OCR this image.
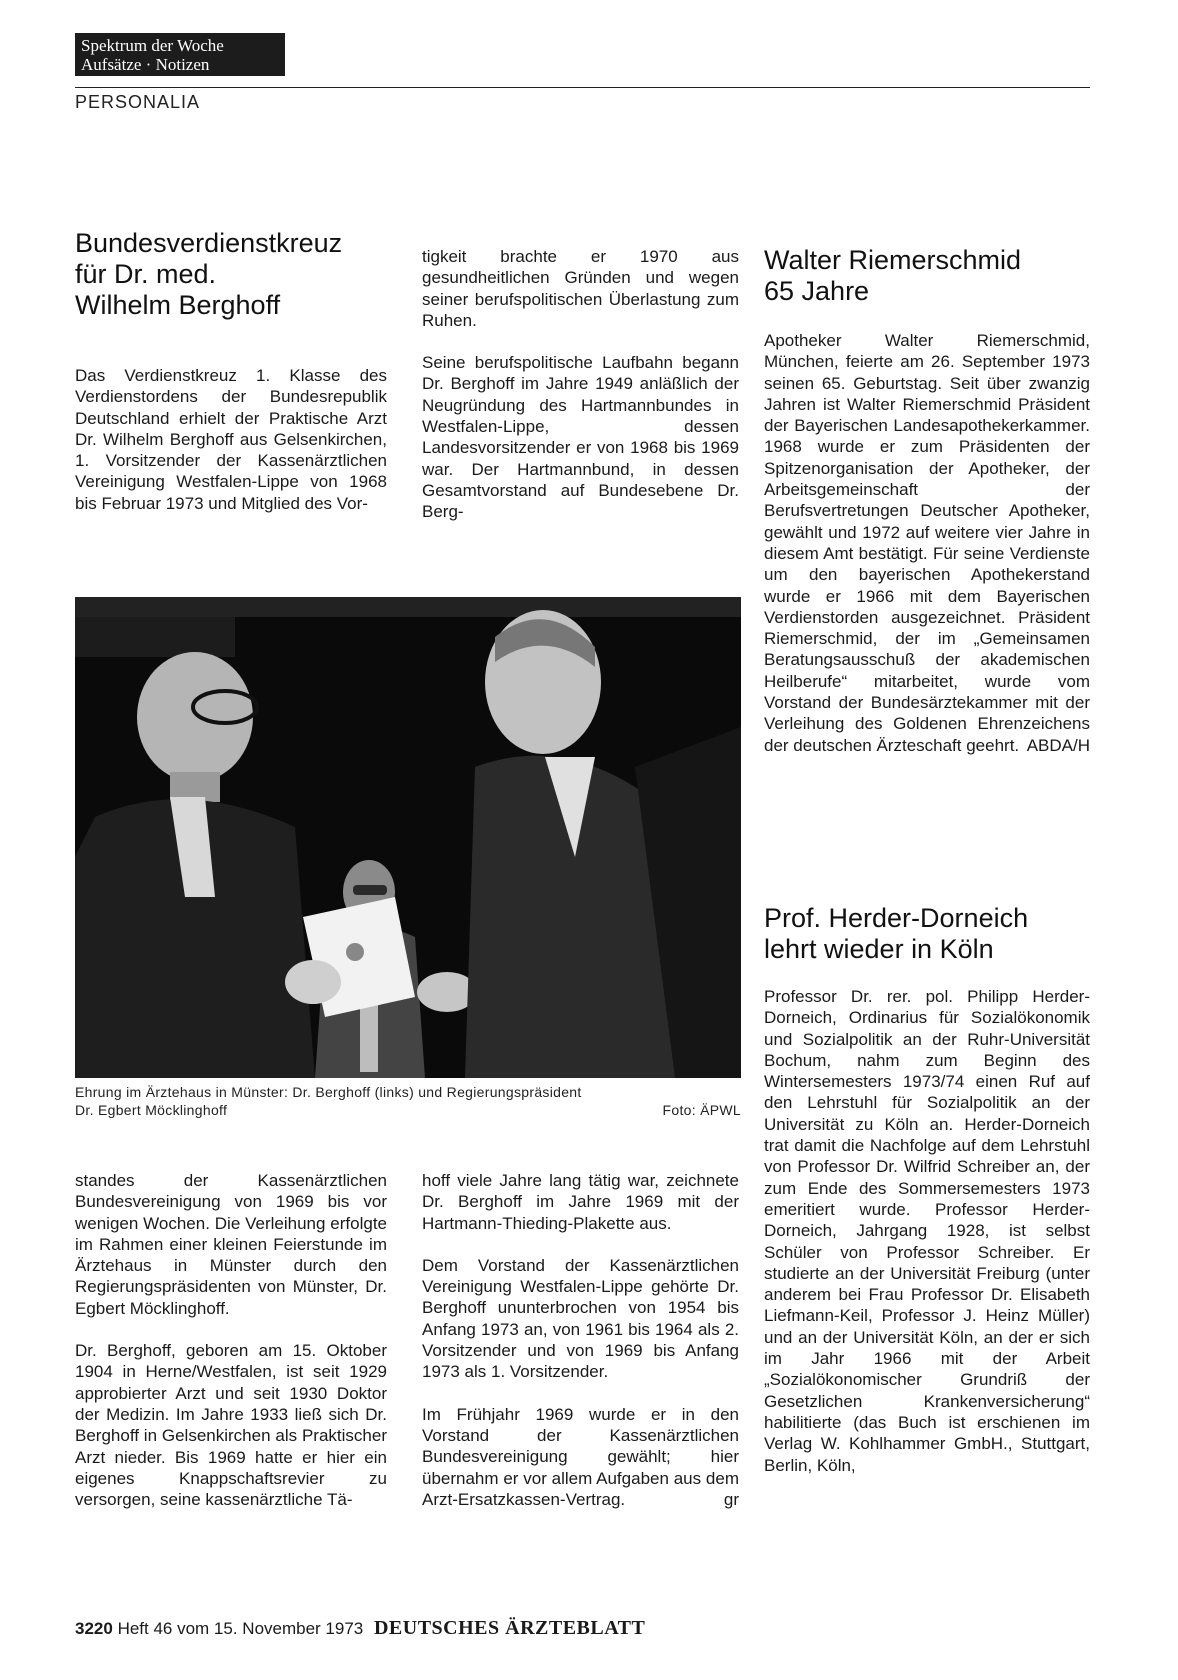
Spektrum der Woche
Aufsätze · Notizen
PERSONALIA
Bundesverdienstkreuz
für Dr. med.
Wilhelm Berghoff

Das Verdienstkreuz 1. Klasse des Verdienstordens der Bundesrepublik Deutschland erhielt der Praktische Arzt Dr. Wilhelm Berghoff aus Gelsenkirchen, 1. Vorsitzender der Kassenärztlichen Vereinigung Westfalen-Lippe von 1968 bis Februar 1973 und Mitglied des Vor-

tigkeit brachte er 1970 aus gesundheitlichen Gründen und wegen seiner berufspolitischen Überlastung zum Ruhen.

Seine berufspolitische Laufbahn begann Dr. Berghoff im Jahre 1949 anläßlich der Neugründung des Hartmannbundes in Westfalen-Lippe, dessen Landesvorsitzender er von 1968 bis 1969 war. Der Hartmannbund, in dessen Gesamtvorstand auf Bundesebene Dr. Berg-

Ehrung im Ärztehaus in Münster: Dr. Berghoff (links) und Regierungspräsident
Dr. Egbert Möcklinghoff	Foto: ÄPWL

standes der Kassenärztlichen Bundesvereinigung von 1969 bis vor wenigen Wochen. Die Verleihung erfolgte im Rahmen einer kleinen Feierstunde im Ärztehaus in Münster durch den Regierungspräsidenten von Münster, Dr. Egbert Möcklinghoff.

Dr. Berghoff, geboren am 15. Oktober 1904 in Herne/Westfalen, ist seit 1929 approbierter Arzt und seit 1930 Doktor der Medizin. Im Jahre 1933 ließ sich Dr. Berghoff in Gelsenkirchen als Praktischer Arzt nieder. Bis 1969 hatte er hier ein eigenes Knappschaftsrevier zu versorgen, seine kassenärztliche Tä-

hoff viele Jahre lang tätig war, zeichnete Dr. Berghoff im Jahre 1969 mit der Hartmann-Thieding-Plakette aus.

Dem Vorstand der Kassenärztlichen Vereinigung Westfalen-Lippe gehörte Dr. Berghoff ununterbrochen von 1954 bis Anfang 1973 an, von 1961 bis 1964 als 2. Vorsitzender und von 1969 bis Anfang 1973 als 1. Vorsitzender.

Im Frühjahr 1969 wurde er in den Vorstand der Kassenärztlichen Bundesvereinigung gewählt; hier übernahm er vor allem Aufgaben aus dem Arzt-Ersatzkassen-Vertrag.	gr

Walter Riemerschmid
65 Jahre

Apotheker Walter Riemerschmid, München, feierte am 26. September 1973 seinen 65. Geburtstag. Seit über zwanzig Jahren ist Walter Riemerschmid Präsident der Bayerischen Landesapothekerkammer. 1968 wurde er zum Präsidenten der Spitzenorganisation der Apotheker, der Arbeitsgemeinschaft der Berufsvertretungen Deutscher Apotheker, gewählt und 1972 auf weitere vier Jahre in diesem Amt bestätigt. Für seine Verdienste um den bayerischen Apothekerstand wurde er 1966 mit dem Bayerischen Verdienstorden ausgezeichnet. Präsident Riemerschmid, der im „Gemeinsamen Beratungsausschuß der akademischen Heilberufe“ mitarbeitet, wurde vom Vorstand der Bundesärztekammer mit der Verleihung des Goldenen Ehrenzeichens der deutschen Ärzteschaft geehrt. ABDA/H

Prof. Herder-Dorneich
lehrt wieder in Köln

Professor Dr. rer. pol. Philipp Herder-Dorneich, Ordinarius für Sozialökonomik und Sozialpolitik an der Ruhr-Universität Bochum, nahm zum Beginn des Wintersemesters 1973/74 einen Ruf auf den Lehrstuhl für Sozialpolitik an der Universität zu Köln an. Herder-Dorneich trat damit die Nachfolge auf dem Lehrstuhl von Professor Dr. Wilfrid Schreiber an, der zum Ende des Sommersemesters 1973 emeritiert wurde. Professor Herder-Dorneich, Jahrgang 1928, ist selbst Schüler von Professor Schreiber. Er studierte an der Universität Freiburg (unter anderem bei Frau Professor Dr. Elisabeth Liefmann-Keil, Professor J. Heinz Müller) und an der Universität Köln, an der er sich im Jahr 1966 mit der Arbeit „Sozialökonomischer Grundriß der Gesetzlichen Krankenversicherung“ habilitierte (das Buch ist erschienen im Verlag W. Kohlhammer GmbH., Stuttgart, Berlin, Köln,

3220 Heft 46 vom 15. November 1973 DEUTSCHES ÄRZTEBLATT
